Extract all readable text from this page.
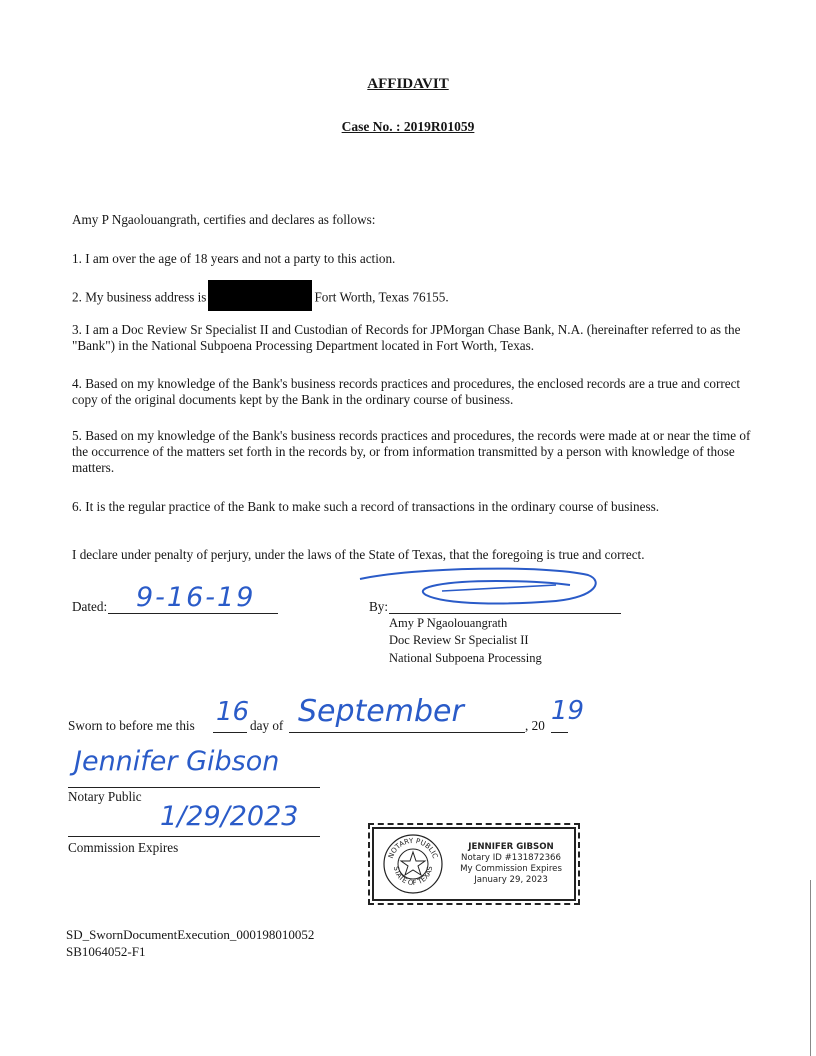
AFFIDAVIT
Case No. : 2019R01059
Amy P Ngaolouangrath, certifies and declares as follows:
1. I am over the age of 18 years and not a party to this action.
2. My business address is	Fort Worth, Texas 76155.
3. I am a Doc Review Sr Specialist II and Custodian of Records for JPMorgan Chase Bank, N.A. (hereinafter referred to as the "Bank") in the National Subpoena Processing Department located in Fort Worth, Texas.
4. Based on my knowledge of the Bank's business records practices and procedures, the enclosed records are a true and correct copy of the original documents kept by the Bank in the ordinary course of business.
5. Based on my knowledge of the Bank's business records practices and procedures, the records were made at or near the time of the occurrence of the matters set forth in the records by, or from information transmitted by a person with knowledge of those matters.
6. It is the regular practice of the Bank to make such a record of transactions in the ordinary course of business.
I declare under penalty of perjury, under the laws of the State of Texas, that the foregoing is true and correct.
Dated: 9-16-19	By:
Amy P Ngaolouangrath
Doc Review Sr Specialist II
National Subpoena Processing
Sworn to before me this 16 day of September	, 20 19
Jennifer Gibson
Notary Public
1/29/2023
Commission Expires
NOTARY PUBLIC
STATE OF TEXAS
JENNIFER GIBSON
Notary ID #131872366
My Commission Expires
January 29, 2023
SD_SwornDocumentExecution_000198010052
SB1064052-F1
